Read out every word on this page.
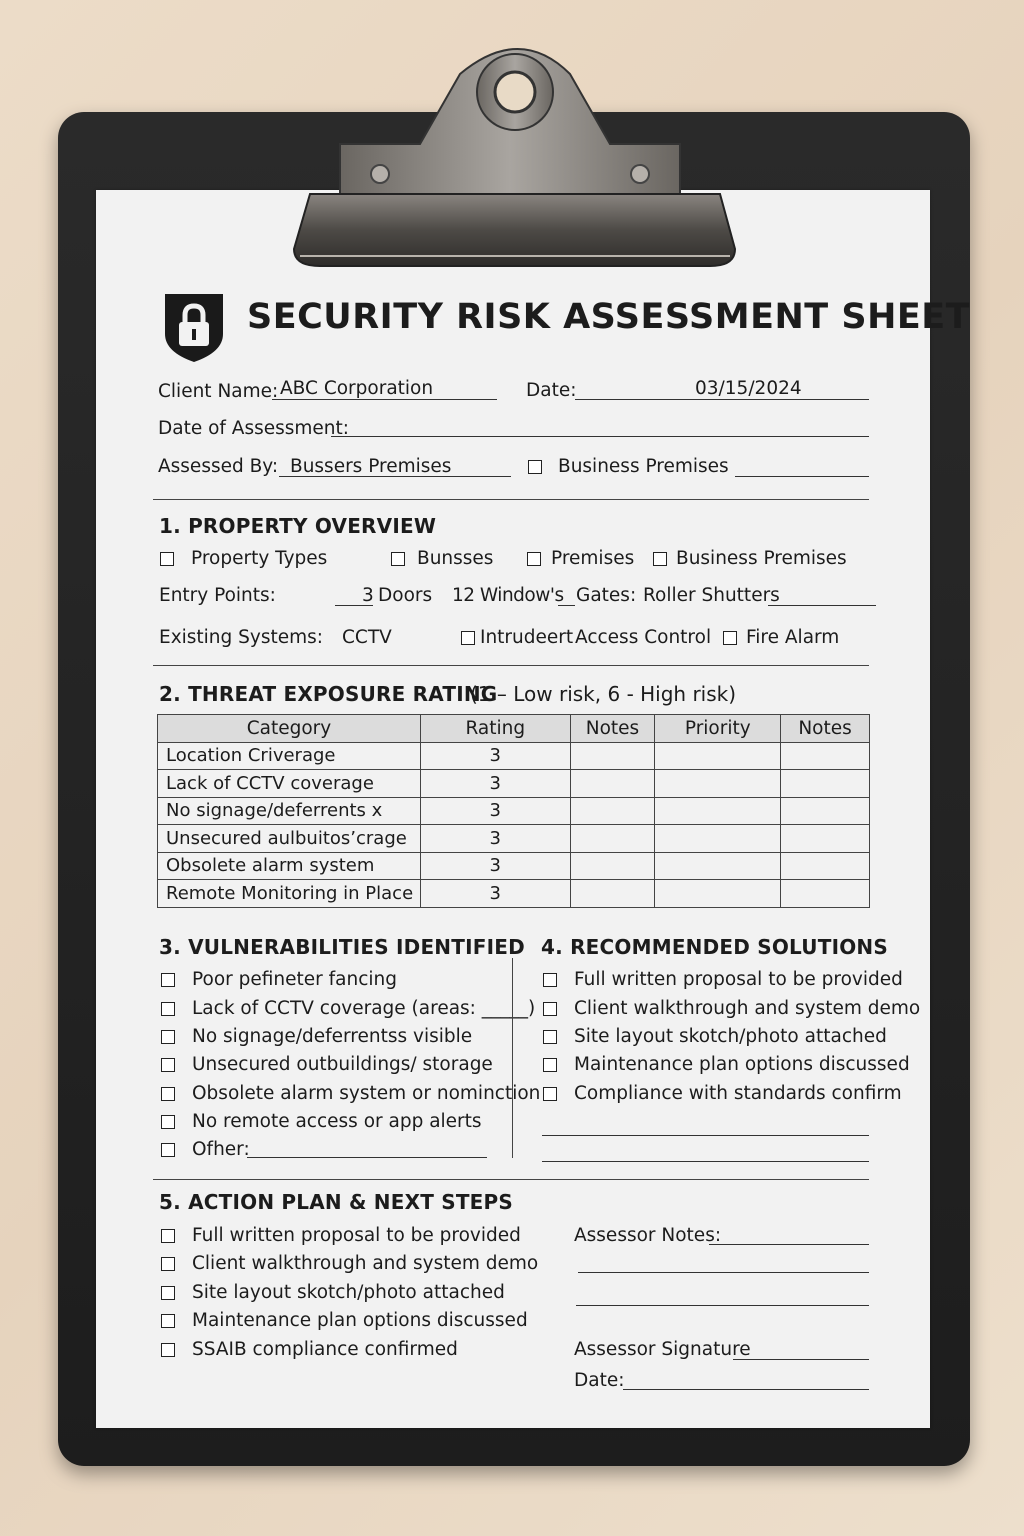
SECURITY RISK ASSESSMENT SHEET
Client Name: ABC Corporation	Date:	03/15/2024
Date of Assessment:
Assessed By: Bussers Premises	Business Premises
1. PROPERTY OVERVIEW
Property Types	Bunsses	Premises Business Premises
Entry Points:	3 Doors 12 Window's Gates: Roller Shutters
Existing Systems: CCTV	Intrudeert Access Control Fire Alarm
2. THREAT EXPOSURE RATING
(1 – Low risk, 6 - High risk)
Category	Rating	Notes	Priority	Notes
Location Criverage	3			
Lack of CCTV coverage	3			
No signage/deferrents x	3			
Unsecured aulbuitos’crage	3			
Obsolete alarm system	3			
Remote Monitoring in Place	3			
3. VULNERABILITIES IDENTIFIED
Poor pefineter fancing
Lack of CCTV coverage (areas: _____)
No signage/deferrentss visible
Unsecured outbuildings/ storage
Obsolete alarm system or nomincti​on
No remote access or app alerts
Ofher:
4. RECOMMENDED SOLUTIONS
Full written proposal to be provided
Client walkthrough and system demo
Site layout skotch/photo attached
Maintenance plan options discussed
Compliance with standards confirm
5. ACTION PLAN & NEXT STEPS
Full written proposal to be provided
Client walkthrough and system demo
Site layout skotch/photo attached
Maintenance plan options discussed
SSAIB compliance confirmed
Assessor Notes:
Assessor Signature
Date:
